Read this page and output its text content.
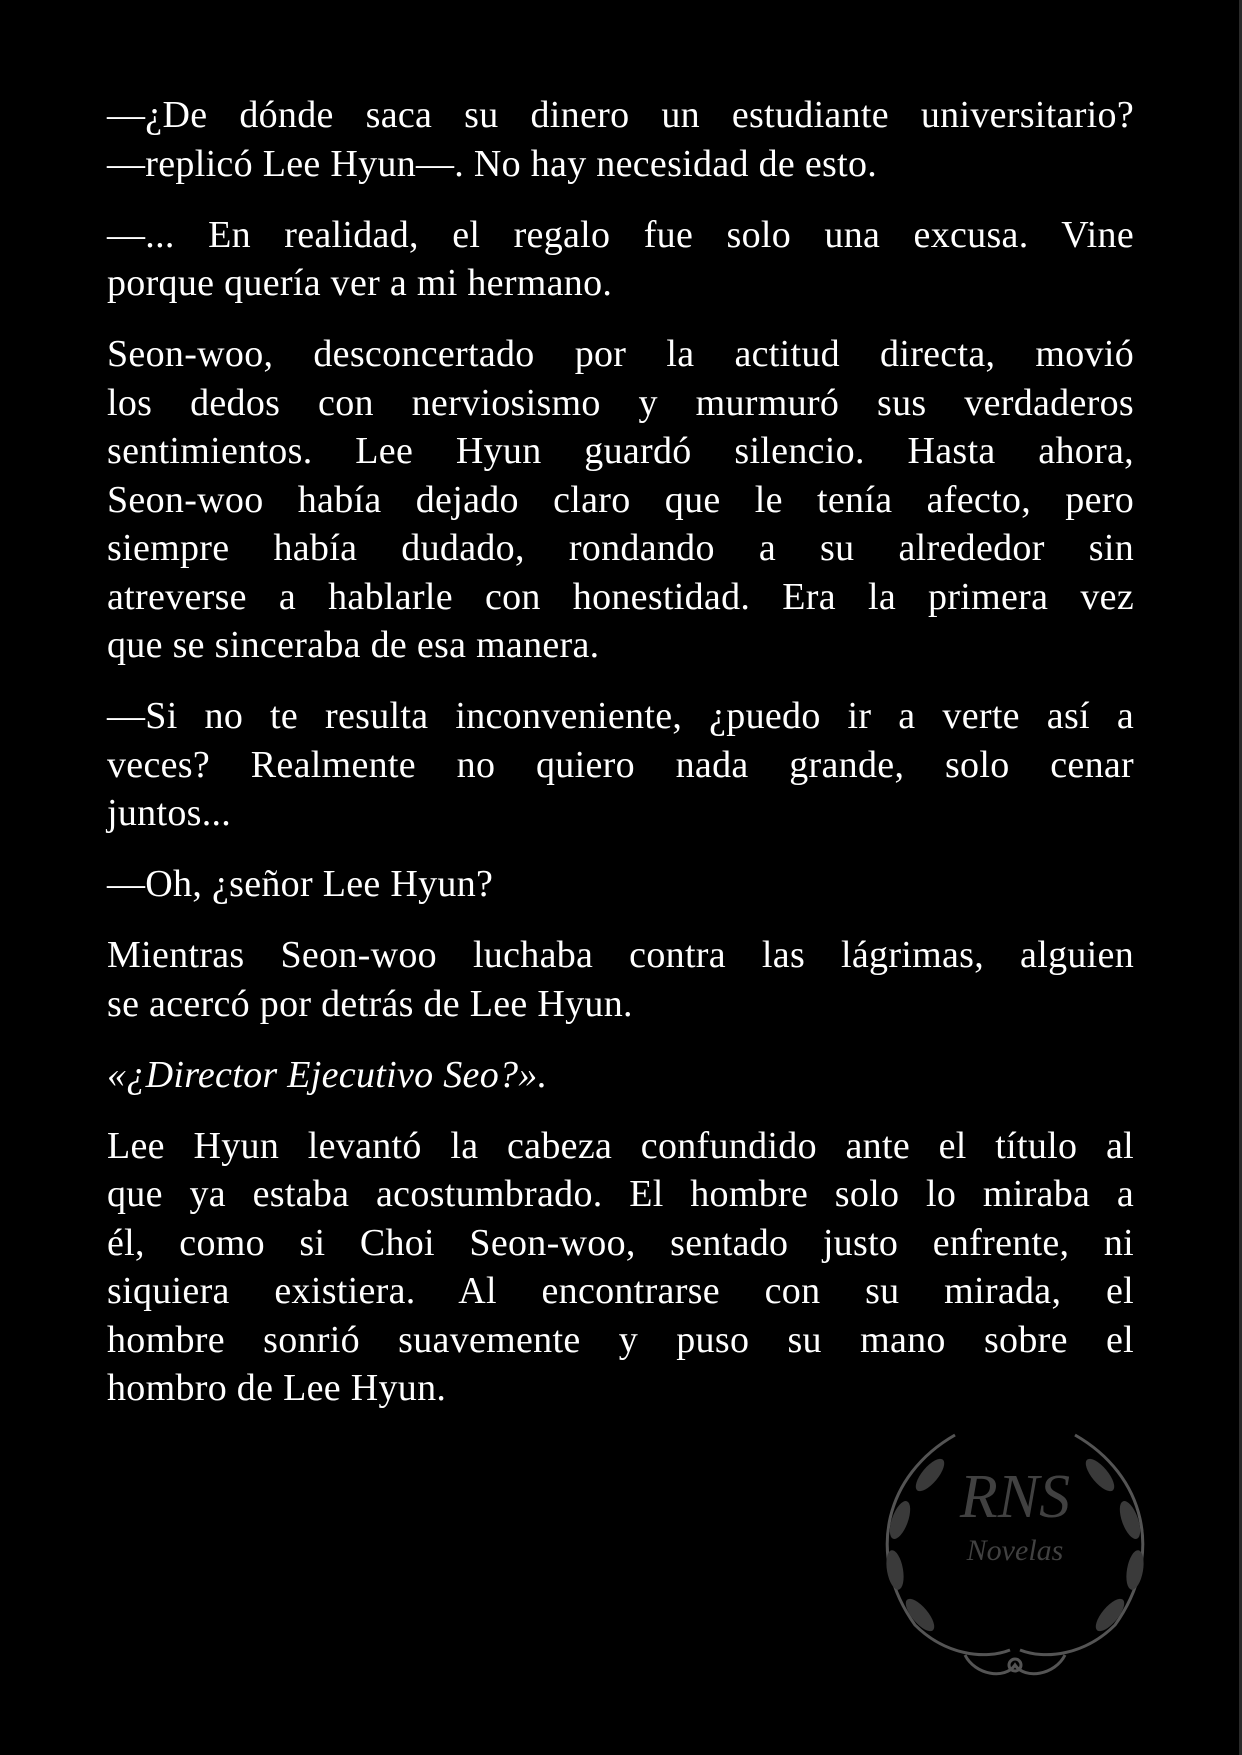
RNS
Novelas
—¿De dónde saca su dinero un estudiante universitario?
—replicó Lee Hyun—. No hay necesidad de esto.
—... En realidad, el regalo fue solo una excusa. Vine
porque quería ver a mi hermano.
Seon-woo, desconcertado por la actitud directa, movió
los dedos con nerviosismo y murmuró sus verdaderos
sentimientos. Lee Hyun guardó silencio. Hasta ahora,
Seon-woo había dejado claro que le tenía afecto, pero
siempre había dudado, rondando a su alrededor sin
atreverse a hablarle con honestidad. Era la primera vez
que se sinceraba de esa manera.
—Si no te resulta inconveniente, ¿puedo ir a verte así a
veces? Realmente no quiero nada grande, solo cenar
juntos...
—Oh, ¿señor Lee Hyun?
Mientras Seon-woo luchaba contra las lágrimas, alguien
se acercó por detrás de Lee Hyun.
«¿Director Ejecutivo Seo?».
Lee Hyun levantó la cabeza confundido ante el título al
que ya estaba acostumbrado. El hombre solo lo miraba a
él, como si Choi Seon-woo, sentado justo enfrente, ni
siquiera existiera. Al encontrarse con su mirada, el
hombre sonrió suavemente y puso su mano sobre el
hombro de Lee Hyun.
